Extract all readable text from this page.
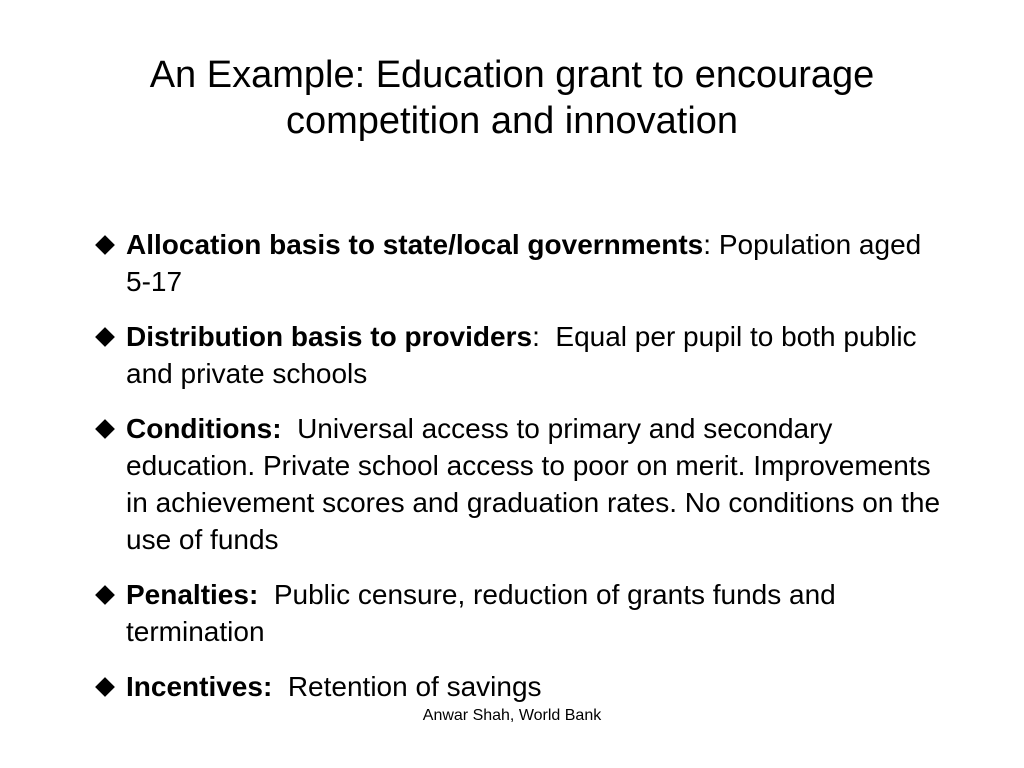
An Example: Education grant to encourage
competition and innovation
Allocation basis to state/local governments: Population aged 5-17
Distribution basis to providers:  Equal per pupil to both public and private schools
Conditions:  Universal access to primary and secondary education. Private school access to poor on merit. Improvements in achievement scores and graduation rates. No conditions on the use of funds
Penalties:  Public censure, reduction of grants funds and termination
Incentives:  Retention of savings
Anwar Shah, World Bank
